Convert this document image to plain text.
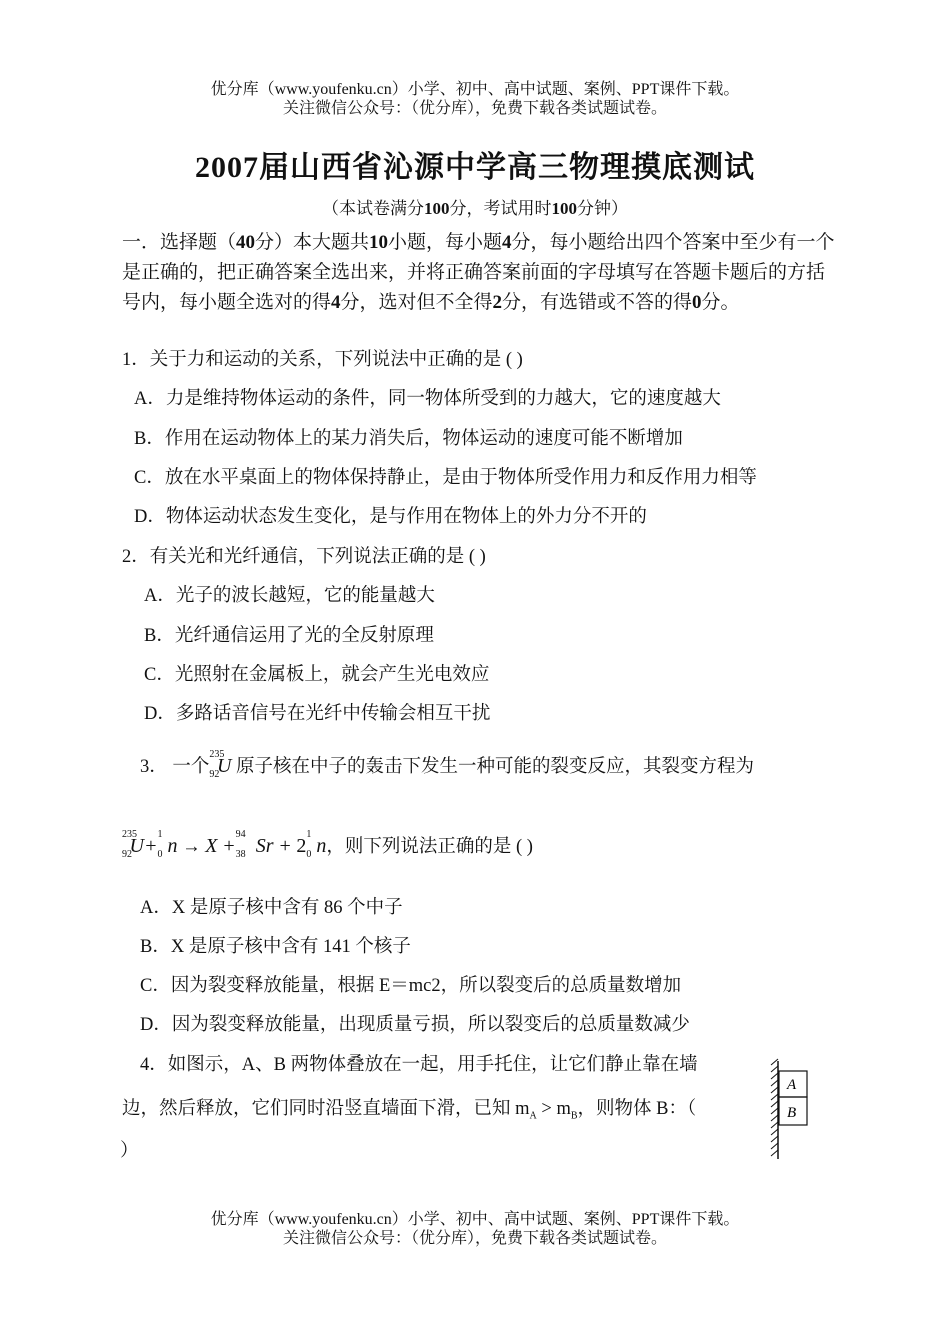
优分库（www.youfenku.cn）小学、初中、高中试题、案例、PPT课件下载。
关注微信公众号：（优分库），免费下载各类试题试卷。
2007届山西省沁源中学高三物理摸底测试
（本试卷满分100分，考试用时100分钟）
一．选择题（40分）本大题共10小题，每小题4分，每小题给出四个答案中至少有一个是正确的，把正确答案全选出来，并将正确答案前面的字母填写在答题卡题后的方括号内，每小题全选对的得4分，选对但不全得2分，有选错或不答的得0分。
1．关于力和运动的关系，下列说法中正确的是 ( )
A．力是维持物体运动的条件，同一物体所受到的力越大，它的速度越大
B．作用在运动物体上的某力消失后，物体运动的速度可能不断增加
C．放在水平桌面上的物体保持静止，是由于物体所受作用力和反作用力相等
D．物体运动状态发生变化，是与作用在物体上的外力分不开的
2．有关光和光纤通信，下列说法正确的是 ( )
A．光子的波长越短，它的能量越大
B．光纤通信运用了光的全反射原理
C．光照射在金属板上，就会产生光电效应
D．多路话音信号在光纤中传输会相互干扰
3． 一个
235
92
U 原子核在中子的轰击下发生一种可能的裂变反应，其裂变方程为
235
92
U +
1
0 n → X +
94
38 Sr + 2
1
0 n ，则下列说法正确的是 ( )
A．X 是原子核中含有 86 个中子
B．X 是原子核中含有 141 个核子
C．因为裂变释放能量，根据 E＝mc2，所以裂变后的总质量数增加
D．因为裂变释放能量，出现质量亏损，所以裂变后的总质量数减少
4．如图示，A、B 两物体叠放在一起，用手托住，让它们静止靠在墙
边，然后释放，它们同时沿竖直墙面下滑，已知 $m_A > m_B$，则物体 B：（
）
A
B
优分库（www.youfenku.cn）小学、初中、高中试题、案例、PPT课件下载。
关注微信公众号：（优分库），免费下载各类试题试卷。
